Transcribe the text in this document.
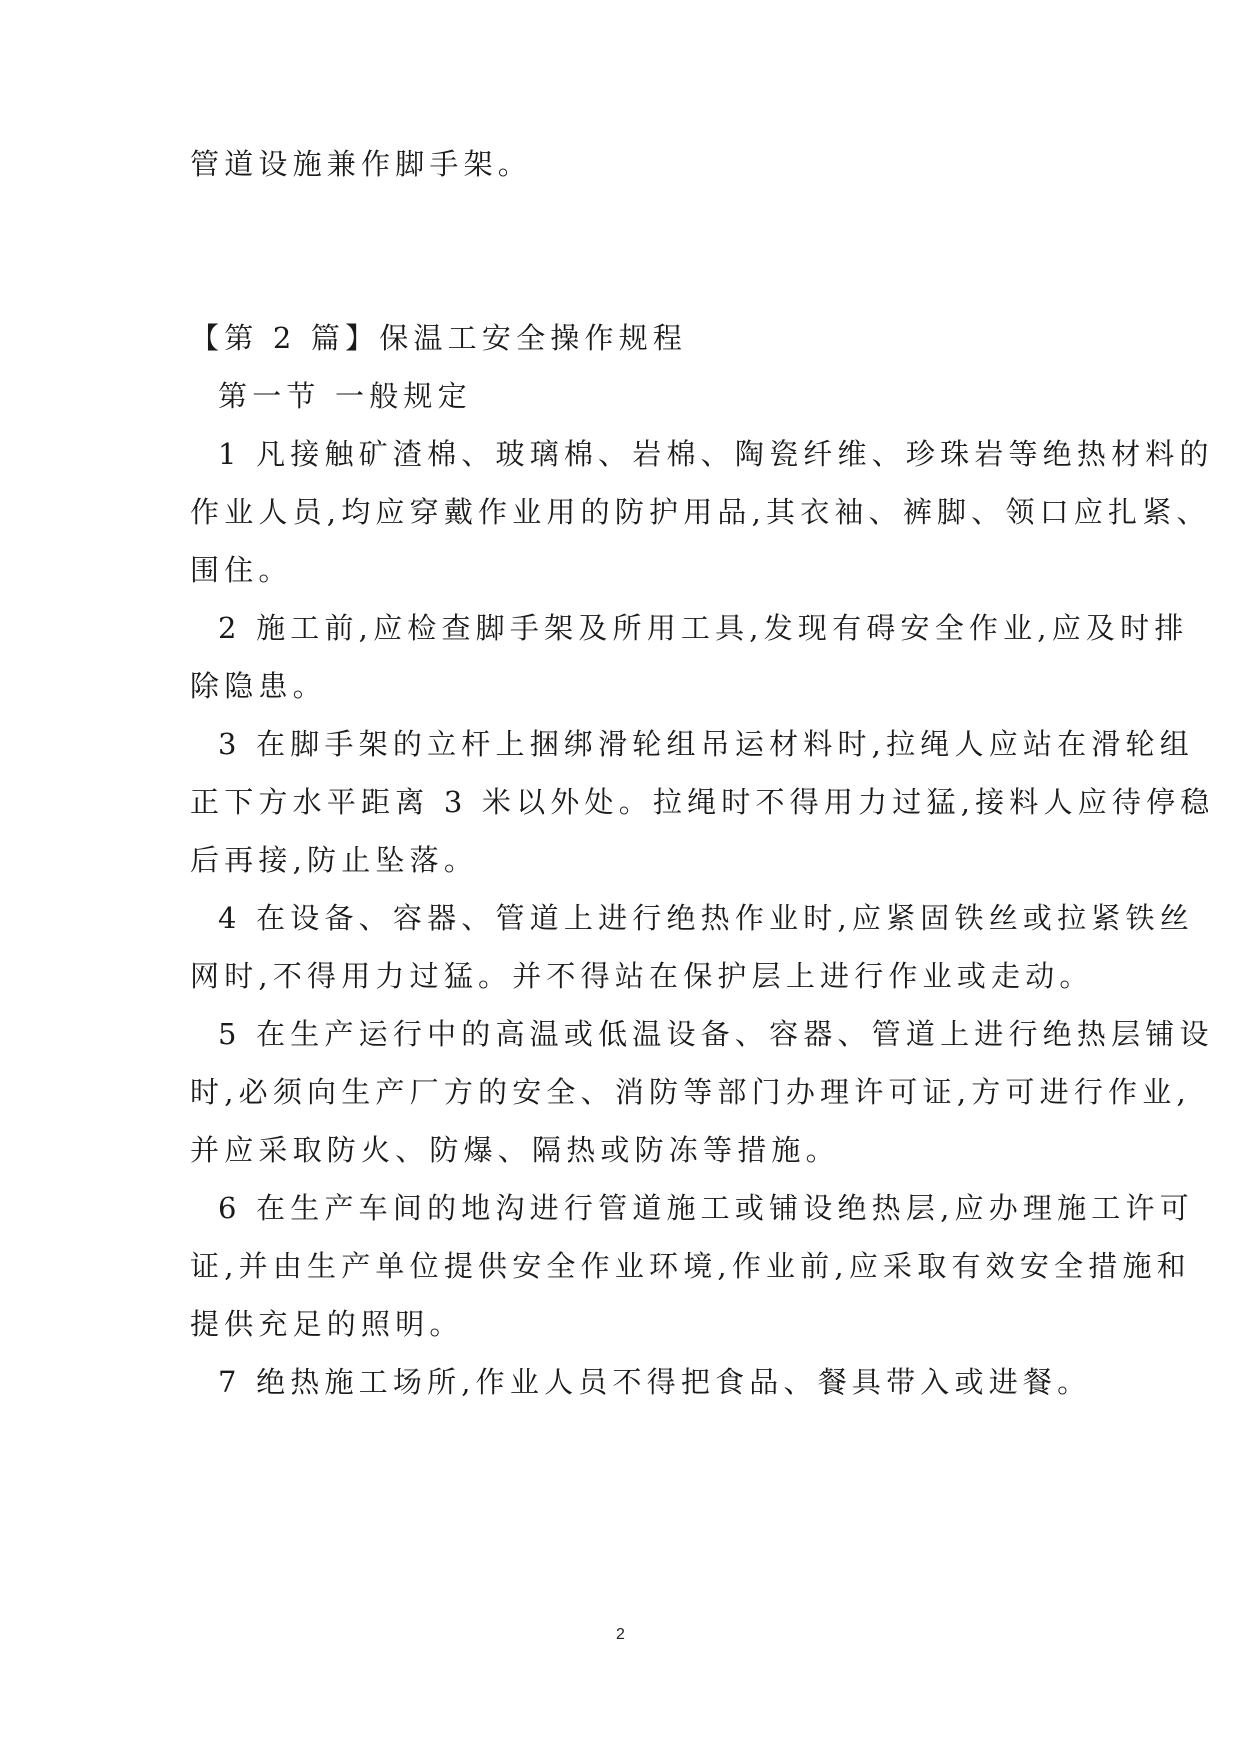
管道设施兼作脚手架。
【第 2 篇】保温工安全操作规程
第一节 一般规定
1 凡接触矿渣棉、玻璃棉、岩棉、陶瓷纤维、珍珠岩等绝热材料的
作业人员,均应穿戴作业用的防护用品,其衣袖、裤脚、领口应扎紧、
围住。
2 施工前,应检查脚手架及所用工具,发现有碍安全作业,应及时排
除隐患。
3 在脚手架的立杆上捆绑滑轮组吊运材料时,拉绳人应站在滑轮组
正下方水平距离 3 米以外处。拉绳时不得用力过猛,接料人应待停稳
后再接,防止坠落。
4 在设备、容器、管道上进行绝热作业时,应紧固铁丝或拉紧铁丝
网时,不得用力过猛。并不得站在保护层上进行作业或走动。
5 在生产运行中的高温或低温设备、容器、管道上进行绝热层铺设
时,必须向生产厂方的安全、消防等部门办理许可证,方可进行作业,
并应采取防火、防爆、隔热或防冻等措施。
6 在生产车间的地沟进行管道施工或铺设绝热层,应办理施工许可
证,并由生产单位提供安全作业环境,作业前,应采取有效安全措施和
提供充足的照明。
7 绝热施工场所,作业人员不得把食品、餐具带入或进餐。
2
